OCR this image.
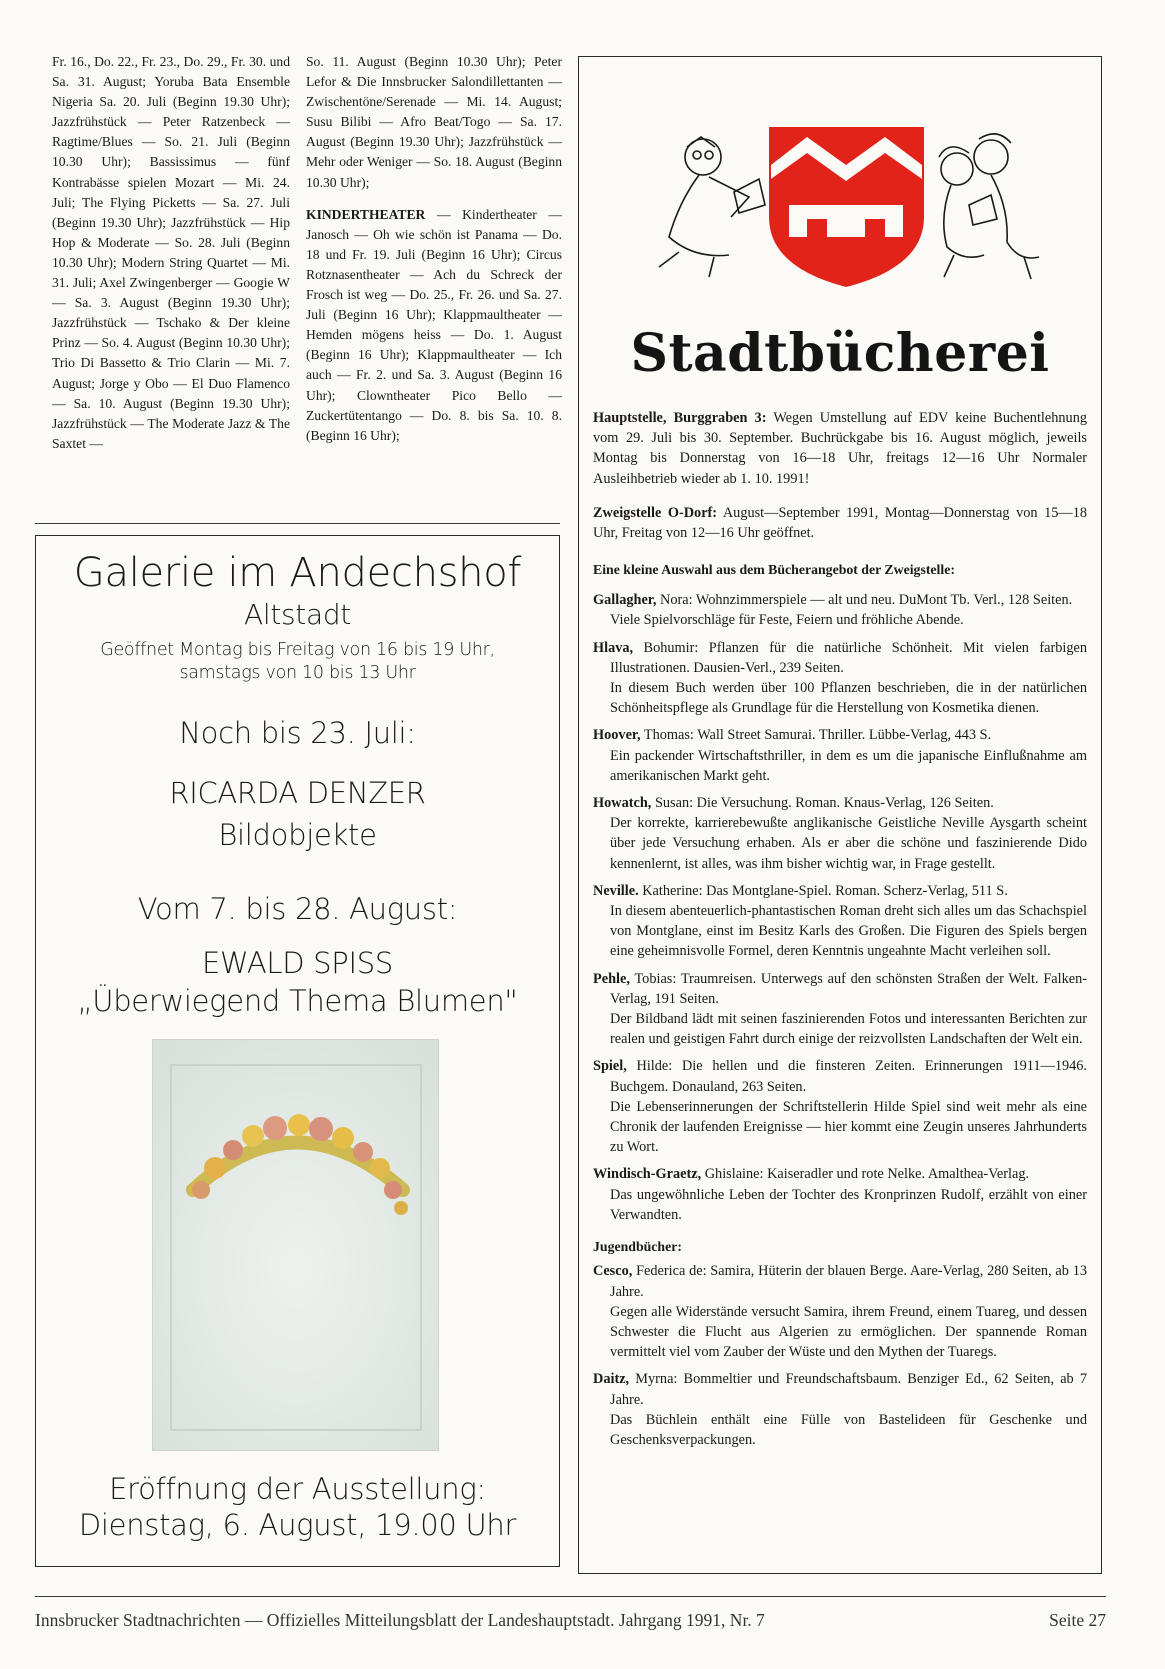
Fr. 16., Do. 22., Fr. 23., Do. 29., Fr. 30. und Sa. 31. August; Yoruba Bata Ensemble Nigeria Sa. 20. Juli (Beginn 19.30 Uhr); Jazzfrühstück — Peter Ratzenbeck — Ragtime/Blues — So. 21. Juli (Beginn 10.30 Uhr); Bassissimus — fünf Kontrabässe spielen Mozart — Mi. 24. Juli; The Flying Picketts — Sa. 27. Juli (Beginn 19.30 Uhr); Jazzfrühstück — Hip Hop & Moderate — So. 28. Juli (Beginn 10.30 Uhr); Modern String Quartet — Mi. 31. Juli; Axel Zwingenberger — Googie W — Sa. 3. August (Beginn 19.30 Uhr); Jazzfrühstück — Tschako & Der kleine Prinz — So. 4. August (Beginn 10.30 Uhr); Trio Di Bassetto & Trio Clarin — Mi. 7. August; Jorge y Obo — El Duo Flamenco — Sa. 10. August (Beginn 19.30 Uhr); Jazzfrühstück — The Moderate Jazz & The Saxtet —

So. 11. August (Beginn 10.30 Uhr); Peter Lefor & Die Innsbrucker Salondillettanten — Zwischentöne/Serenade — Mi. 14. August; Susu Bilibi — Afro Beat/Togo — Sa. 17. August (Beginn 19.30 Uhr); Jazzfrühstück — Mehr oder Weniger — So. 18. August (Beginn 10.30 Uhr);

KINDERTHEATER — Kindertheater — Janosch — Oh wie schön ist Panama — Do. 18 und Fr. 19. Juli (Beginn 16 Uhr); Circus Rotznasentheater — Ach du Schreck der Frosch ist weg — Do. 25., Fr. 26. und Sa. 27. Juli (Beginn 16 Uhr); Klappmaultheater — Hemden mögens heiss — Do. 1. August (Beginn 16 Uhr); Klappmaultheater — Ich auch — Fr. 2. und Sa. 3. August (Beginn 16 Uhr); Clowntheater Pico Bello — Zuckertütentango — Do. 8. bis Sa. 10. 8. (Beginn 16 Uhr);

Galerie im Andechshof
Altstadt
Geöffnet Montag bis Freitag von 16 bis 19 Uhr,
samstags von 10 bis 13 Uhr
Noch bis 23. Juli:
RICARDA DENZER
Bildobjekte
Vom 7. bis 28. August:
EWALD SPISS
„Überwiegend Thema Blumen"
Eröffnung der Ausstellung:
Dienstag, 6. August, 19.00 Uhr
Stadtbücherei

Hauptstelle, Burggraben 3: Wegen Umstellung auf EDV keine Buchentlehnung vom 29. Juli bis 30. September. Buchrückgabe bis 16. August möglich, jeweils Montag bis Donnerstag von 16—18 Uhr, freitags 12—16 Uhr Normaler Ausleihbetrieb wieder ab 1. 10. 1991!

Zweigstelle O-Dorf: August—September 1991, Montag—Donnerstag von 15—18 Uhr, Freitag von 12—16 Uhr geöffnet.

Eine kleine Auswahl aus dem Bücherangebot der Zweigstelle:

Gallagher, Nora: Wohnzimmerspiele — alt und neu. DuMont Tb. Verl., 128 Seiten.

Viele Spielvorschläge für Feste, Feiern und fröhliche Abende.

Hlava, Bohumir: Pflanzen für die natürliche Schönheit. Mit vielen farbigen Illustrationen. Dausien-Verl., 239 Seiten.

In diesem Buch werden über 100 Pflanzen beschrieben, die in der natürlichen Schönheitspflege als Grundlage für die Herstellung von Kosmetika dienen.

Hoover, Thomas: Wall Street Samurai. Thriller. Lübbe-Verlag, 443 S.

Ein packender Wirtschaftsthriller, in dem es um die japanische Einflußnahme am amerikanischen Markt geht.

Howatch, Susan: Die Versuchung. Roman. Knaus-Verlag, 126 Seiten.

Der korrekte, karrierebewußte anglikanische Geistliche Neville Aysgarth scheint über jede Versuchung erhaben. Als er aber die schöne und faszinierende Dido kennenlernt, ist alles, was ihm bisher wichtig war, in Frage gestellt.

Neville. Katherine: Das Montglane-Spiel. Roman. Scherz-Verlag, 511 S.

In diesem abenteuerlich-phantastischen Roman dreht sich alles um das Schachspiel von Montglane, einst im Besitz Karls des Großen. Die Figuren des Spiels bergen eine geheimnisvolle Formel, deren Kenntnis ungeahnte Macht verleihen soll.

Pehle, Tobias: Traumreisen. Unterwegs auf den schönsten Straßen der Welt. Falken-Verlag, 191 Seiten.

Der Bildband lädt mit seinen faszinierenden Fotos und interessanten Berichten zur realen und geistigen Fahrt durch einige der reizvollsten Landschaften der Welt ein.

Spiel, Hilde: Die hellen und die finsteren Zeiten. Erinnerungen 1911—1946. Buchgem. Donauland, 263 Seiten.

Die Lebenserinnerungen der Schriftstellerin Hilde Spiel sind weit mehr als eine Chronik der laufenden Ereignisse — hier kommt eine Zeugin unseres Jahrhunderts zu Wort.

Windisch-Graetz, Ghislaine: Kaiseradler und rote Nelke. Amalthea-Verlag.

Das ungewöhnliche Leben der Tochter des Kronprinzen Rudolf, erzählt von einer Verwandten.

Jugendbücher:

Cesco, Federica de: Samira, Hüterin der blauen Berge. Aare-Verlag, 280 Seiten, ab 13 Jahre.

Gegen alle Widerstände versucht Samira, ihrem Freund, einem Tuareg, und dessen Schwester die Flucht aus Algerien zu ermöglichen. Der spannende Roman vermittelt viel vom Zauber der Wüste und den Mythen der Tuaregs.

Daitz, Myrna: Bommeltier und Freundschaftsbaum. Benziger Ed., 62 Seiten, ab 7 Jahre.

Das Büchlein enthält eine Fülle von Bastelideen für Geschenke und Geschenksverpackungen.

Innsbrucker Stadtnachrichten — Offizielles Mitteilungsblatt der Landeshauptstadt. Jahrgang 1991, Nr. 7	Seite 27
